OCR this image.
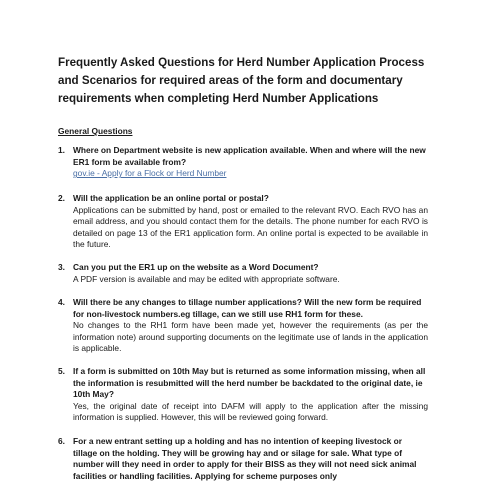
Frequently Asked Questions for Herd Number Application Process and Scenarios for required areas of the form and documentary requirements when completing Herd Number Applications
General Questions
1. Where on Department website is new application available. When and where will the new ER1 form be available from?
gov.ie - Apply for a Flock or Herd Number
2. Will the application be an online portal or postal?
Applications can be submitted by hand, post or emailed to the relevant RVO. Each RVO has an email address, and you should contact them for the details. The phone number for each RVO is detailed on page 13 of the ER1 application form. An online portal is expected to be available in the future.
3. Can you put the ER1 up on the website as a Word Document?
A PDF version is available and may be edited with appropriate software.
4. Will there be any changes to tillage number applications? Will the new form be required for non-livestock numbers.eg tillage, can we still use RH1 form for these.
No changes to the RH1 form have been made yet, however the requirements (as per the information note) around supporting documents on the legitimate use of lands in the application is applicable.
5. If a form is submitted on 10th May but is returned as some information missing, when all the information is resubmitted will the herd number be backdated to the original date, ie 10th May?
Yes, the original date of receipt into DAFM will apply to the application after the missing information is supplied. However, this will be reviewed going forward.
6. For a new entrant setting up a holding and has no intention of keeping livestock or tillage on the holding. They will be growing hay and or silage for sale. What type of number will they need in order to apply for their BISS as they will not need sick animal facilities or handling facilities. Applying for scheme purposes only
